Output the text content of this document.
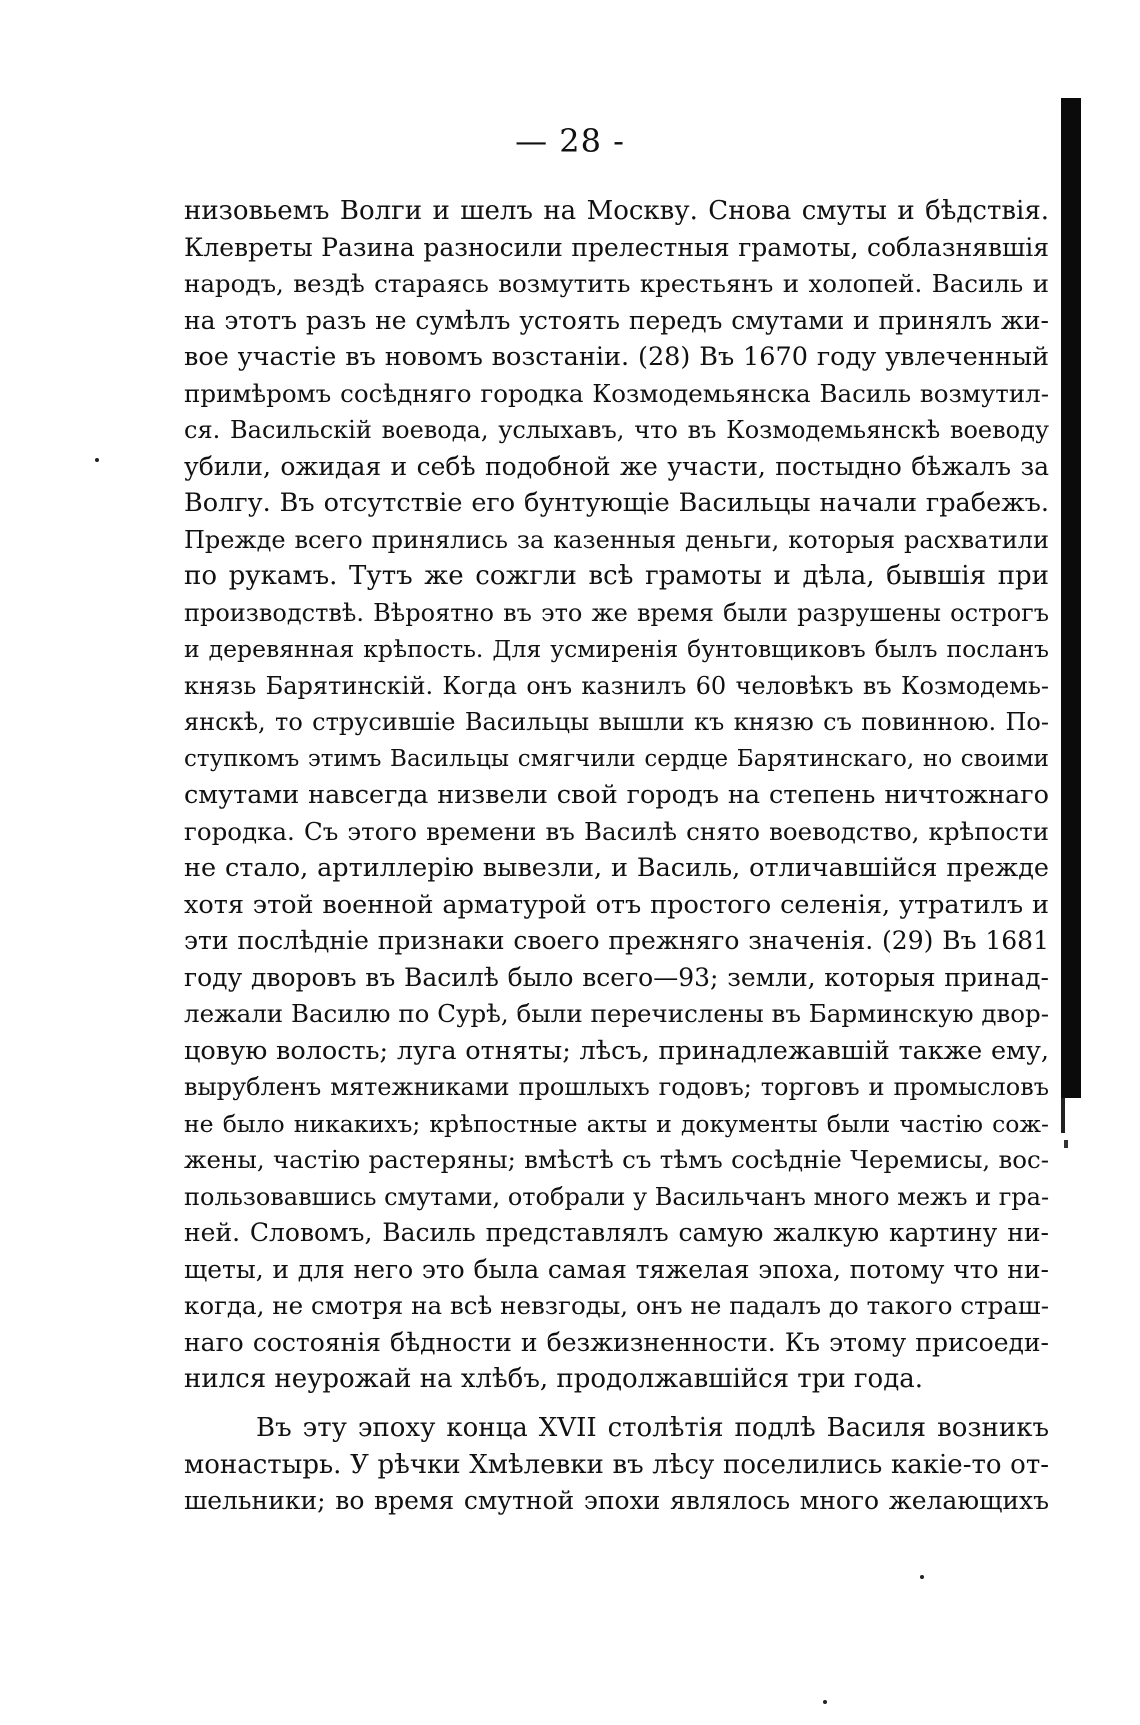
— 28 -
низовьемъ Волги и шелъ на Москву. Снова смуты и бѣдствія.
Клевреты Разина разносили прелестныя грамоты, соблазнявшія
народъ, вездѣ стараясь возмутить крестьянъ и холопей. Василь и
на этотъ разъ не сумѣлъ устоять передъ смутами и принялъ жи-
вое участіе въ новомъ возстаніи. (28) Въ 1670 году увлеченный
примѣромъ сосѣдняго городка Козмодемьянска Василь возмутил-
ся. Васильскій воевода, услыхавъ, что въ Козмодемьянскѣ воеводу
убили, ожидая и себѣ подобной же участи, постыдно бѣжалъ за
Волгу. Въ отсутствіе его бунтующіе Васильцы начали грабежъ.
Прежде всего принялись за казенныя деньги, которыя расхватили
по рукамъ. Тутъ же сожгли всѣ грамоты и дѣла, бывшія при
производствѣ. Вѣроятно въ это же время были разрушены острогъ
и деревянная крѣпость. Для усмиренія бунтовщиковъ былъ посланъ
князь Барятинскій. Когда онъ казнилъ 60 человѣкъ въ Козмодемь-
янскѣ, то струсившіе Васильцы вышли къ князю съ повинною. По-
ступкомъ этимъ Васильцы смягчили сердце Барятинскаго, но своими
смутами навсегда низвели свой городъ на степень ничтожнаго
городка. Съ этого времени въ Василѣ снято воеводство, крѣпости
не стало, артиллерію вывезли, и Василь, отличавшійся прежде
хотя этой военной арматурой отъ простого селенія, утратилъ и
эти послѣдніе признаки своего прежняго значенія. (29) Въ 1681
году дворовъ въ Василѣ было всего—93; земли, которыя принад-
лежали Василю по Сурѣ, были перечислены въ Барминскую двор-
цовую волость; луга отняты; лѣсъ, принадлежавшій также ему,
вырубленъ мятежниками прошлыхъ годовъ; торговъ и промысловъ
не было никакихъ; крѣпостные акты и документы были частію сож-
жены, частію растеряны; вмѣстѣ съ тѣмъ сосѣдніе Черемисы, вос-
пользовавшись смутами, отобрали у Васильчанъ много межъ и гра-
ней. Словомъ, Василь представлялъ самую жалкую картину ни-
щеты, и для него это была самая тяжелая эпоха, потому что ни-
когда, не смотря на всѣ невзгоды, онъ не падалъ до такого страш-
наго состоянія бѣдности и безжизненности. Къ этому присоеди-
нился неурожай на хлѣбъ, продолжавшійся три года.
Въ эту эпоху конца XVII столѣтія подлѣ Василя возникъ
монастырь. У рѣчки Хмѣлевки въ лѣсу поселились какіе-то от-
шельники; во время смутной эпохи являлось много желающихъ
